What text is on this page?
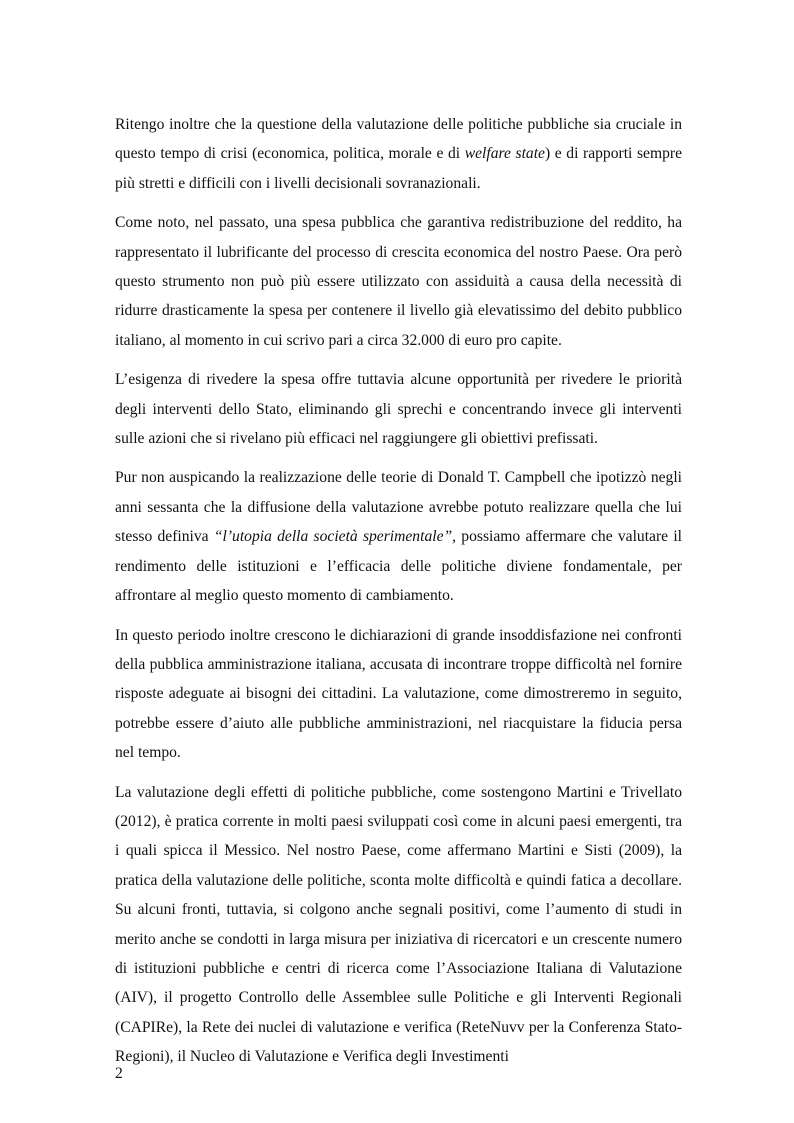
Ritengo inoltre che la questione della valutazione delle politiche pubbliche sia cruciale in questo tempo di crisi (economica, politica, morale e di welfare state) e di rapporti sempre più stretti e difficili con i livelli decisionali sovranazionali.

Come noto, nel passato, una spesa pubblica che garantiva redistribuzione del reddito, ha rappresentato il lubrificante del processo di crescita economica del nostro Paese. Ora però questo strumento non può più essere utilizzato con assiduità a causa della necessità di ridurre drasticamente la spesa per contenere il livello già elevatissimo del debito pubblico italiano, al momento in cui scrivo pari a circa 32.000 di euro pro capite.

L’esigenza di rivedere la spesa offre tuttavia alcune opportunità per rivedere le priorità degli interventi dello Stato, eliminando gli sprechi e concentrando invece gli interventi sulle azioni che si rivelano più efficaci nel raggiungere gli obiettivi prefissati.

Pur non auspicando la realizzazione delle teorie di Donald T. Campbell che ipotizzò negli anni sessanta che la diffusione della valutazione avrebbe potuto realizzare quella che lui stesso definiva “l’utopia della società sperimentale”, possiamo affermare che valutare il rendimento delle istituzioni e l’efficacia delle politiche diviene fondamentale, per affrontare al meglio questo momento di cambiamento.

In questo periodo inoltre crescono le dichiarazioni di grande insoddisfazione nei confronti della pubblica amministrazione italiana, accusata di incontrare troppe difficoltà nel fornire risposte adeguate ai bisogni dei cittadini. La valutazione, come dimostreremo in seguito, potrebbe essere d’aiuto alle pubbliche amministrazioni, nel riacquistare la fiducia persa nel tempo.

La valutazione degli effetti di politiche pubbliche, come sostengono Martini e Trivellato (2012), è pratica corrente in molti paesi sviluppati così come in alcuni paesi emergenti, tra i quali spicca il Messico. Nel nostro Paese, come affermano Martini e Sisti (2009), la pratica della valutazione delle politiche, sconta molte difficoltà e quindi fatica a decollare. Su alcuni fronti, tuttavia, si colgono anche segnali positivi, come l’aumento di studi in merito anche se condotti in larga misura per iniziativa di ricercatori e un crescente numero di istituzioni pubbliche e centri di ricerca come l’Associazione Italiana di Valutazione (AIV), il progetto Controllo delle Assemblee sulle Politiche e gli Interventi Regionali (CAPIRe), la Rete dei nuclei di valutazione e verifica (ReteNuvv per la Conferenza Stato-Regioni), il Nucleo di Valutazione e Verifica degli Investimenti

2
